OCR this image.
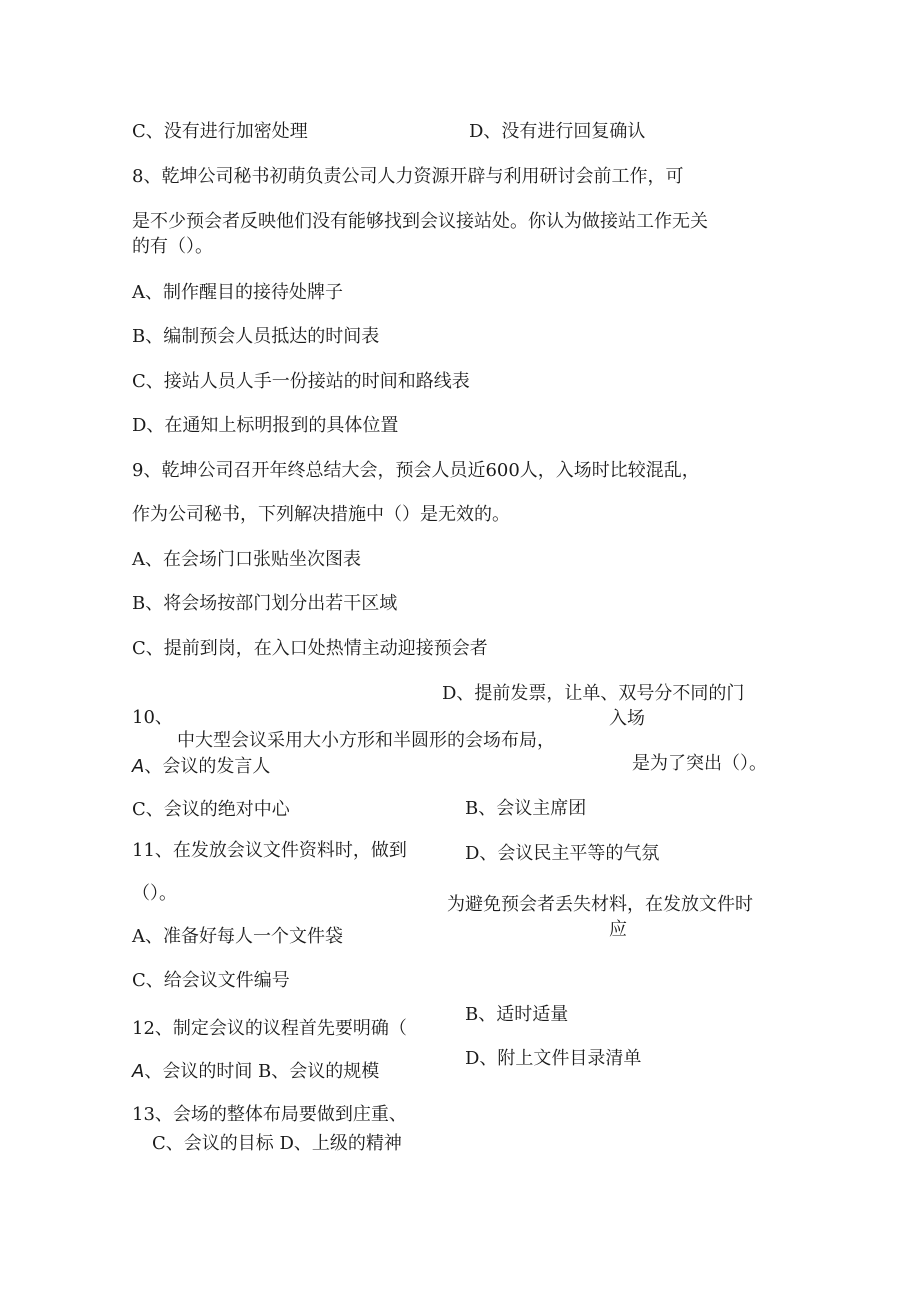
C、没有进行加密处理	D、没有进行回复确认

8、乾坤公司秘书初萌负责公司人力资源开辟与利用研讨会前工作，可

是不少预会者反映他们没有能够找到会议接站处。你认为做接站工作无关

的有（）。

A、制作醒目的接待处牌子

B、编制预会人员抵达的时间表

C、接站人员人手一份接站的时间和路线表

D、在通知上标明报到的具体位置

9、乾坤公司召开年终总结大会，预会人员近600人，入场时比较混乱，

作为公司秘书，下列解决措施中（）是无效的。

A、在会场门口张贴坐次图表

B、将会场按部门划分出若干区域

C、提前到岗，在入口处热情主动迎接预会者

D、提前发票，让单、双号分不同的门

10、	入场

中大型会议采用大小方形和半圆形的会场布局，

A、会议的发言人	是为了突出（）。

C、会议的绝对中心	B、会议主席团

11、在发放会议文件资料时，做到	D、会议民主平等的气氛

（）。

为避免预会者丢失材料，在发放文件时

应

A、准备好每人一个文件袋

C、给会议文件编号

B、适时适量

12、制定会议的议程首先要明确（

D、附上文件目录清单

A、会议的时间 B、会议的规模

13、会场的整体布局要做到庄重、

C、会议的目标 D、上级的精神
